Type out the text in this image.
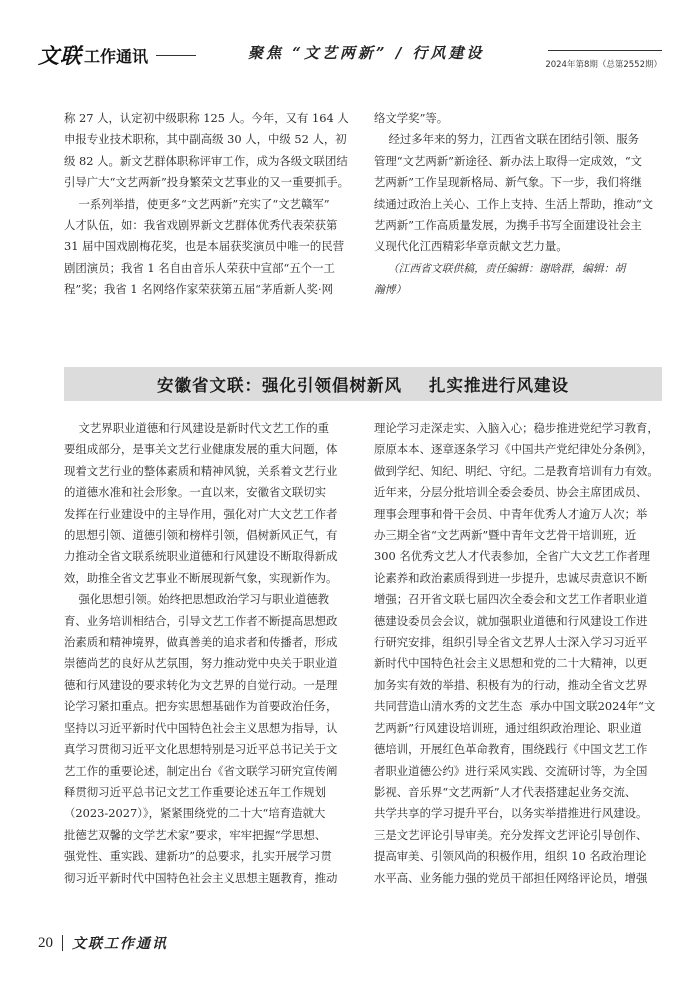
文联 工作通讯	聚焦 “文艺两新” / 行风建设
2024年第8期（总第2552期）

称 27 人，认定初中级职称 125 人。今年，又有 164 人

申报专业技术职称，其中副高级 30 人，中级 52 人，初

级 82 人。新文艺群体职称评审工作，成为各级文联团结

引导广大“文艺两新”投身繁荣文艺事业的又一重要抓手。

一系列举措，使更多“文艺两新”充实了“文艺赣军”

人才队伍，如：我省戏剧界新文艺群体优秀代表荣获第

31 届中国戏剧梅花奖，也是本届获奖演员中唯一的民营

剧团演员；我省 1 名自由音乐人荣获中宣部“五个一工

程”奖；我省 1 名网络作家荣获第五届“茅盾新人奖·网

络文学奖”等。

经过多年来的努力，江西省文联在团结引领、服务

管理“文艺两新”新途径、新办法上取得一定成效，“文

艺两新”工作呈现新格局、新气象。下一步，我们将继

续通过政治上关心、工作上支持、生活上帮助，推动“文

艺两新”工作高质量发展，为携手书写全面建设社会主

义现代化江西精彩华章贡献文艺力量。

（江西省文联供稿，责任编辑：谢晗群，编辑：胡

瀚博）

安徽省文联：强化引领倡树新风    扎实推进行风建设

文艺界职业道德和行风建设是新时代文艺工作的重

要组成部分，是事关文艺行业健康发展的重大问题，体

现着文艺行业的整体素质和精神风貌，关系着文艺行业

的道德水准和社会形象。一直以来，安徽省文联切实

发挥在行业建设中的主导作用，强化对广大文艺工作者

的思想引领、道德引领和榜样引领，倡树新风正气，有

力推动全省文联系统职业道德和行风建设不断取得新成

效，助推全省文艺事业不断展现新气象，实现新作为。

强化思想引领。始终把思想政治学习与职业道德教

育、业务培训相结合，引导文艺工作者不断提高思想政

治素质和精神境界，做真善美的追求者和传播者，形成

崇德尚艺的良好从艺氛围，努力推动党中央关于职业道

德和行风建设的要求转化为文艺界的自觉行动。一是理

论学习紧扣重点。把夯实思想基础作为首要政治任务，

坚持以习近平新时代中国特色社会主义思想为指导，认

真学习贯彻习近平文化思想特别是习近平总书记关于文

艺工作的重要论述，制定出台《省文联学习研究宣传阐

释贯彻习近平总书记文艺工作重要论述五年工作规划

（2023-2027）》，紧紧围绕党的二十大“培育造就大

批德艺双馨的文学艺术家”要求，牢牢把握“学思想、

强党性、重实践、建新功”的总要求，扎实开展学习贯

彻习近平新时代中国特色社会主义思想主题教育，推动

理论学习走深走实、入脑入心；稳步推进党纪学习教育，

原原本本、逐章逐条学习《中国共产党纪律处分条例》，

做到学纪、知纪、明纪、守纪。二是教育培训有力有效。

近年来，分层分批培训全委会委员、协会主席团成员、

理事会理事和骨干会员、中青年优秀人才逾万人次；举

办三期全省“文艺两新”暨中青年文艺骨干培训班，近

300 名优秀文艺人才代表参加，全省广大文艺工作者理

论素养和政治素质得到进一步提升，忠诚尽责意识不断

增强；召开省文联七届四次全委会和文艺工作者职业道

德建设委员会会议，就加强职业道德和行风建设工作进

行研究安排，组织引导全省文艺界人士深入学习习近平

新时代中国特色社会主义思想和党的二十大精神，以更

加务实有效的举措、积极有为的行动，推动全省文艺界

共同营造山清水秀的文艺生态  承办中国文联2024年“文

艺两新”行风建设培训班，通过组织政治理论、职业道

德培训，开展红色革命教育，围绕践行《中国文艺工作

者职业道德公约》进行采风实践、交流研讨等，为全国

影视、音乐界“文艺两新”人才代表搭建起业务交流、

共学共享的学习提升平台，以务实举措推进行风建设。

三是文艺评论引导审美。充分发挥文艺评论引导创作、

提高审美、引领风尚的积极作用，组织 10 名政治理论

水平高、业务能力强的党员干部担任网络评论员，增强

20 文联工作通讯
